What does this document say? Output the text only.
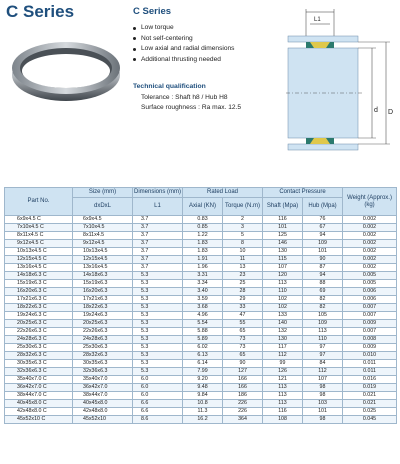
C Series	C Series
Low torque
Not self-centering
Low axial and radial dimensions
Additional thrusting needed
Technical qualification
Tolerance : Shaft h8 / Hub H8
Surface roughness : Ra max. 12.5
L1
d D
Part No.	Size (mm)	Dimensions (mm)	Rated Load		Contact Pressure		Weight (Approx.) (kg)
	dxDxL	L1	Axial (KN)	Torque (N.m)	Shaft (Mpa)	Hub (Mpa)	
6x9x4.5 C	6x9x4.5	3.7	0.83	2	116	76	0.002
7x10x4.5 C	7x10x4.5	3.7	0.85	3	101	67	0.002
8x11x4.5 C	8x11x4.5	3.7	1.22	5	125	94	0.002
9x12x4.5 C	9x12x4.5	3.7	1.83	8	146	109	0.002
10x13x4.5 C	10x13x4.5	3.7	1.83	10	130	101	0.002
12x15x4.5 C	12x15x4.5	3.7	1.91	11	115	90	0.002
13x16x4.5 C	13x16x4.5	3.7	1.96	13	107	87	0.002
14x18x6.3 C	14x18x6.3	5.3	3.31	23	120	94	0.005
15x19x6.3 C	15x19x6.3	5.3	3.34	25	113	88	0.005
16x20x6.3 C	16x20x6.3	5.3	3.40	28	110	69	0.006
17x21x6.3 C	17x21x6.3	5.3	3.59	29	102	82	0.006
18x22x6.3 C	18x22x6.3	5.3	3.68	33	102	82	0.007
19x24x6.3 C	19x24x6.3	5.3	4.96	47	133	105	0.007
20x25x6.3 C	20x25x6.3	5.3	5.54	55	140	109	0.009
22x26x6.3 C	22x26x6.3	5.3	5.88	65	132	113	0.007
24x28x6.3 C	24x28x6.3	5.3	5.89	73	130	110	0.008
25x30x6.3 C	25x30x6.3	5.3	6.02	73	117	97	0.009
28x32x6.3 C	28x32x6.3	5.3	6.13	65	112	97	0.010
30x35x6.3 C	30x35x6.3	5.3	6.14	90	99	84	0.011
32x36x6.3 C	32x36x6.3	5.3	7.99	127	126	112	0.011
35x40x7.0 C	35x40x7.0	6.0	9.20	166	121	107	0.016
36x42x7.0 C	36x42x7.0	6.0	9.48	166	113	98	0.019
38x44x7.0 C	38x44x7.0	6.0	9.84	186	113	98	0.021
40x45x8.0 C	40x45x8.0	6.6	10.8	226	113	103	0.021
42x48x8.0 C	42x48x8.0	6.6	11.3	226	116	101	0.025
45x52x10 C	45x52x10	8.6	16.2	364	108	98	0.045
